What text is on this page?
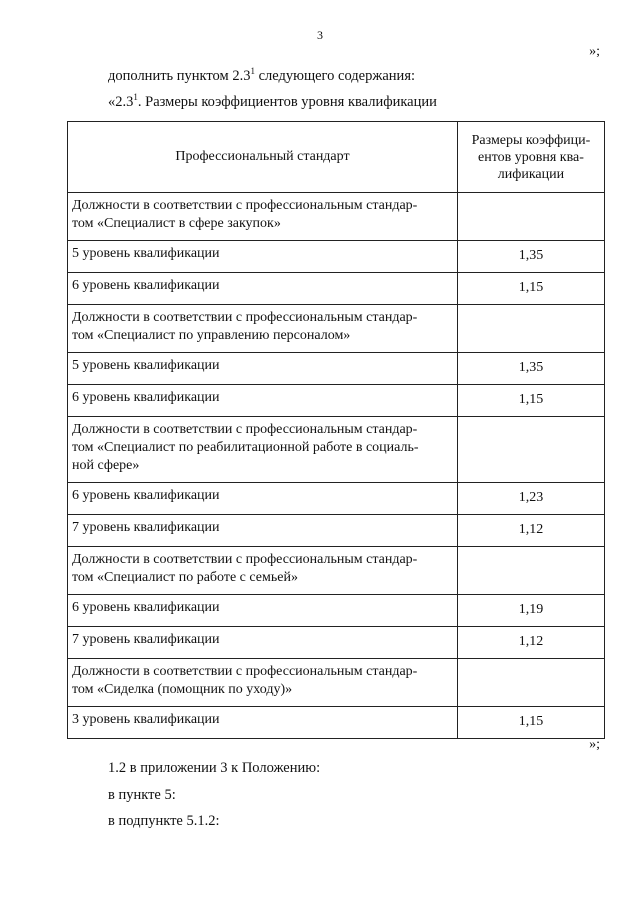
3
»;
дополнить пунктом $2.3^1$ следующего содержания:
«$2.3^1$. Размеры коэффициентов уровня квалификации
Профессиональный стандарт	Размеры коэффици-
ентов уровня ква-
лификации
Должности в соответствии с профессиональным стандар-
том «Специалист в сфере закупок»	
5 уровень квалификации	1,35
6 уровень квалификации	1,15
Должности в соответствии с профессиональным стандар-
том «Специалист по управлению персоналом»	
5 уровень квалификации	1,35
6 уровень квалификации	1,15
Должности в соответствии с профессиональным стандар-
том «Специалист по реабилитационной работе в социаль-
ной сфере»	
6 уровень квалификации	1,23
7 уровень квалификации	1,12
Должности в соответствии с профессиональным стандар-
том «Специалист по работе с семьей»	
6 уровень квалификации	1,19
7 уровень квалификации	1,12
Должности в соответствии с профессиональным стандар-
том «Сиделка (помощник по уходу)»	
3 уровень квалификации	1,15
»;
1.2 в приложении 3 к Положению:
в пункте 5:
в подпункте 5.1.2:
